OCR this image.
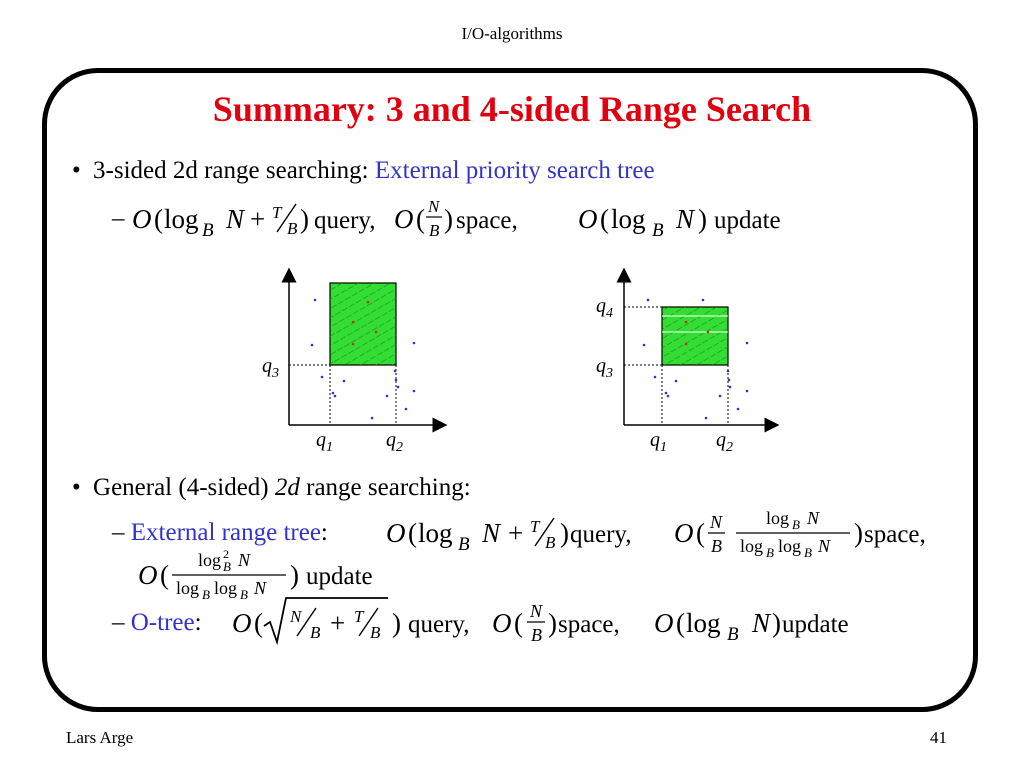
I/O-algorithms
Summary: 3 and 4-sided Range Search
• 3-sided 2d range searching: External priority search tree
– O ( log B N + T
B ) query, O ( N
B ) space, O ( log B N ) update
$q_3$
$q_1$	$q_2$
$q_4$
$q_3$
$q_1$ $q_2$
• General (4-sided) 2d range searching:
– External range tree: O ( log B N + T
B ) query, O ( N
B
log B N
log B log B N ) space,
O ( log 2
B N
log B log B N ) update
– O-tree: O ( N
B + T
B ) query, O ( N
B ) space, O ( log B N ) update
Lars Arge	41
